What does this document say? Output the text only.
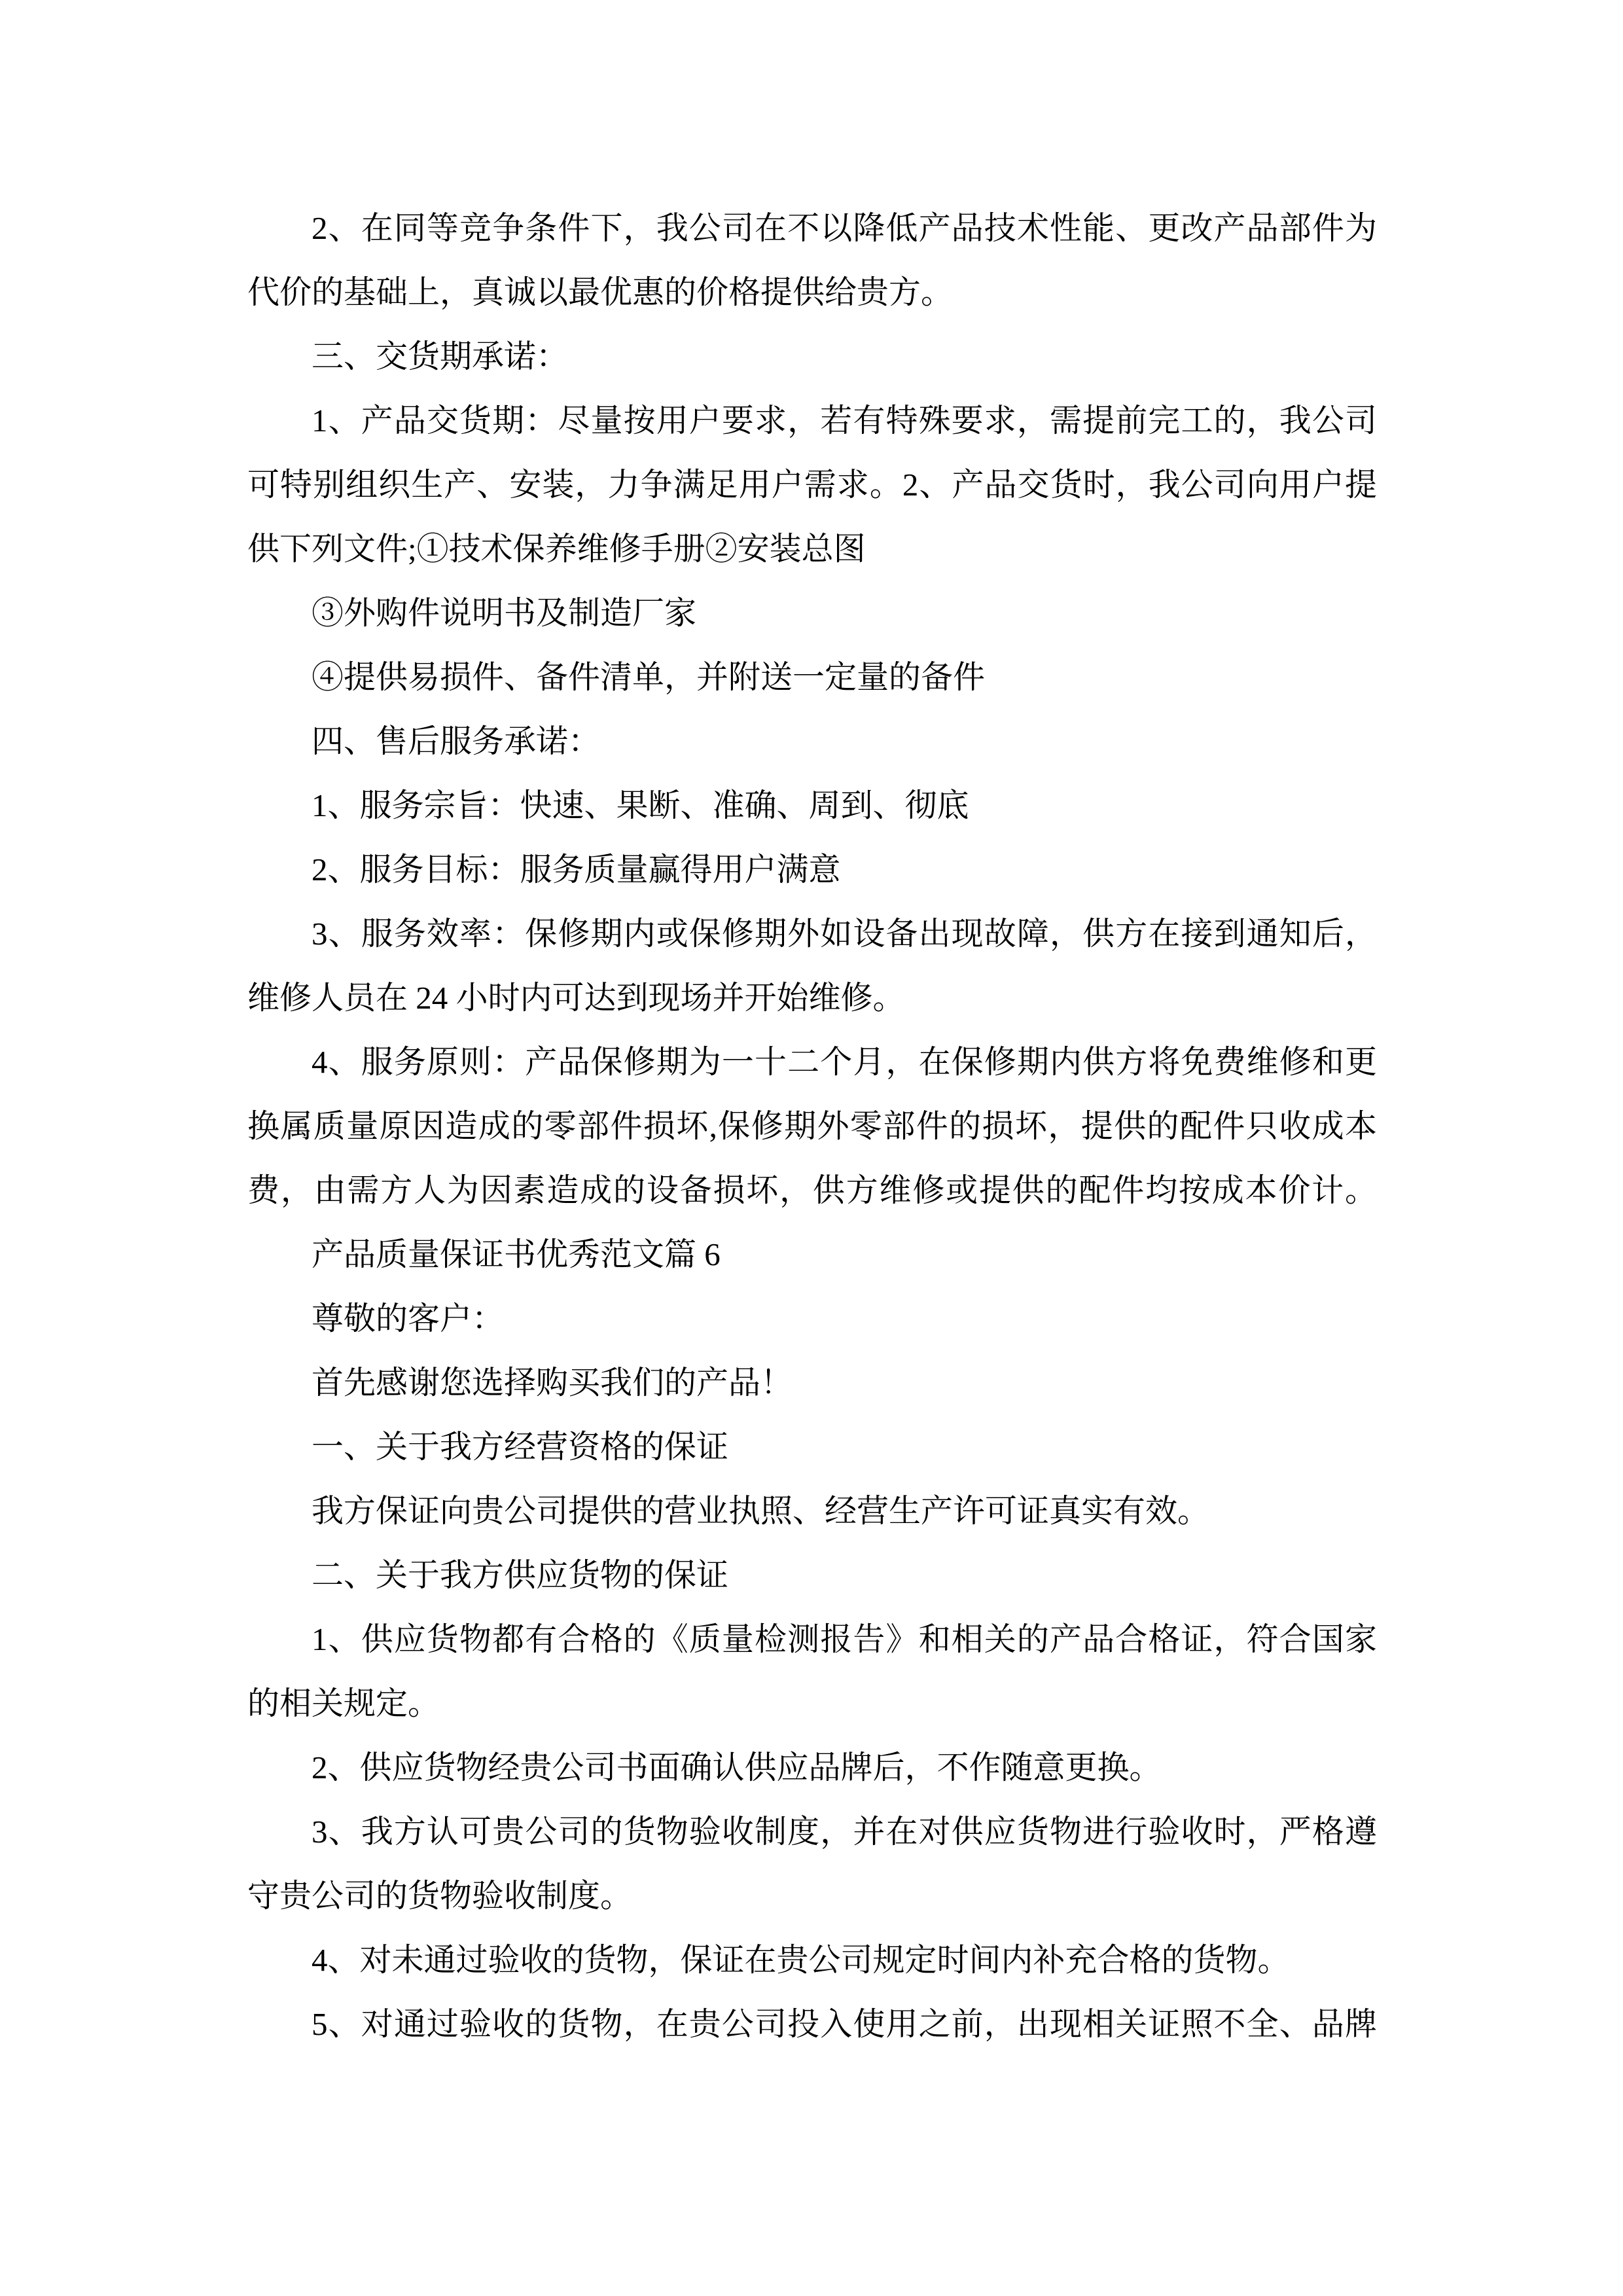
2、在同等竞争条件下，我公司在不以降低产品技术性能、更改产品部件为
代价的基础上，真诚以最优惠的价格提供给贵方。
三、交货期承诺：
1、产品交货期：尽量按用户要求，若有特殊要求，需提前完工的，我公司
可特别组织生产、安装，力争满足用户需求。2、产品交货时，我公司向用户提
供下列文件;①技术保养维修手册②安装总图
③外购件说明书及制造厂家
④提供易损件、备件清单，并附送一定量的备件
四、售后服务承诺：
1、服务宗旨：快速、果断、准确、周到、彻底
2、服务目标：服务质量赢得用户满意
3、服务效率：保修期内或保修期外如设备出现故障，供方在接到通知后，
维修人员在 24 小时内可达到现场并开始维修。
4、服务原则：产品保修期为一十二个月，在保修期内供方将免费维修和更
换属质量原因造成的零部件损坏,保修期外零部件的损坏，提供的配件只收成本
费，由需方人为因素造成的设备损坏，供方维修或提供的配件均按成本价计。
产品质量保证书优秀范文篇 6
尊敬的客户：
首先感谢您选择购买我们的产品！
一、关于我方经营资格的保证
我方保证向贵公司提供的营业执照、经营生产许可证真实有效。
二、关于我方供应货物的保证
1、供应货物都有合格的《质量检测报告》和相关的产品合格证，符合国家
的相关规定。
2、供应货物经贵公司书面确认供应品牌后，不作随意更换。
3、我方认可贵公司的货物验收制度，并在对供应货物进行验收时，严格遵
守贵公司的货物验收制度。
4、对未通过验收的货物，保证在贵公司规定时间内补充合格的货物。
5、对通过验收的货物，在贵公司投入使用之前，出现相关证照不全、品牌
